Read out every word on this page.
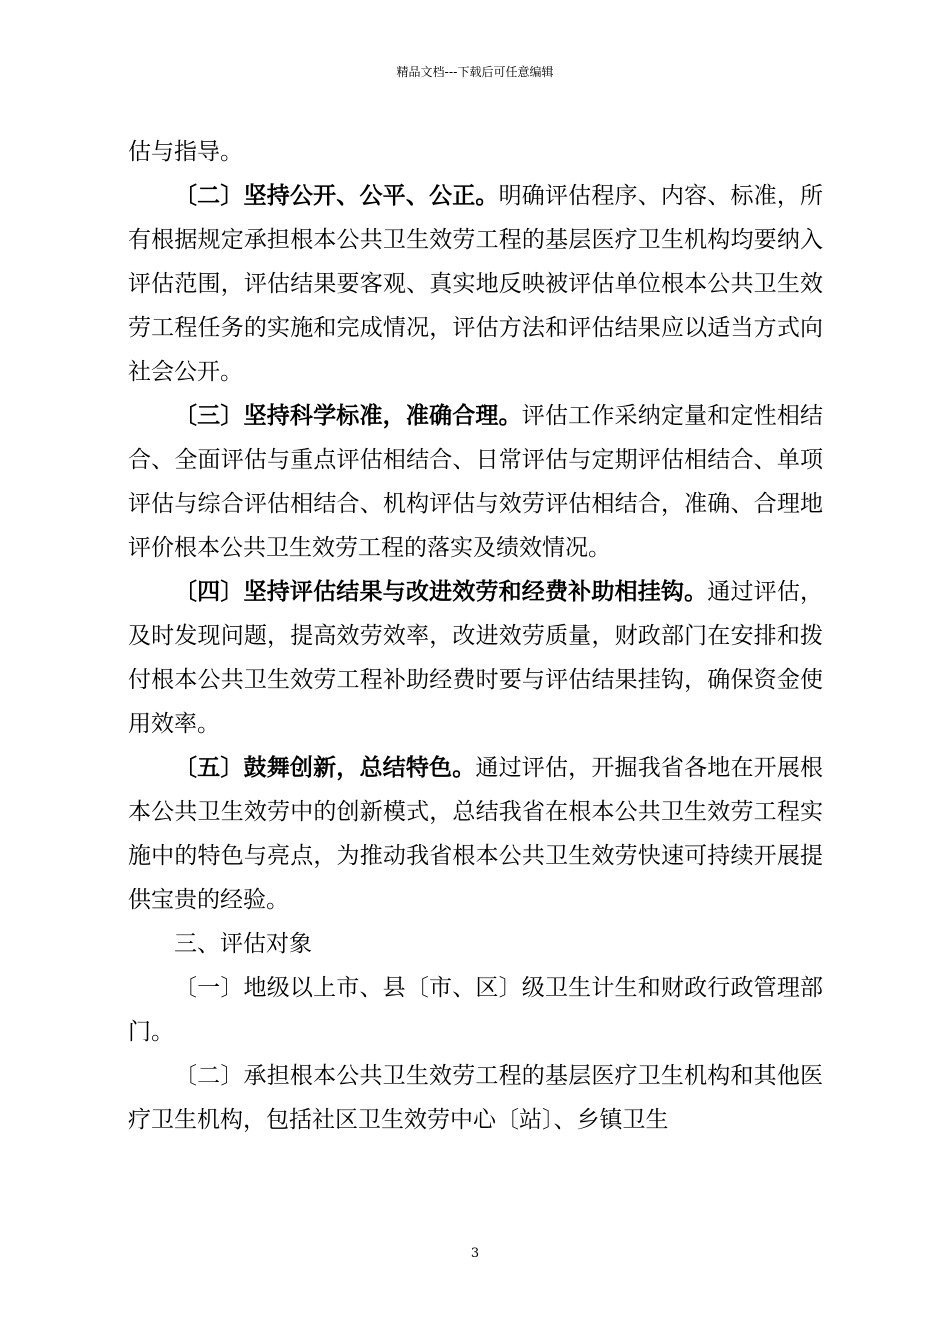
精品文档---下载后可任意编辑

估与指导。

〔二〕坚持公开、公平、公正。明确评估程序、内容、标准，所有根据规定承担根本公共卫生效劳工程的基层医疗卫生机构均要纳入评估范围，评估结果要客观、真实地反映被评估单位根本公共卫生效劳工程任务的实施和完成情况，评估方法和评估结果应以适当方式向社会公开。

〔三〕坚持科学标准，准确合理。评估工作采纳定量和定性相结合、全面评估与重点评估相结合、日常评估与定期评估相结合、单项评估与综合评估相结合、机构评估与效劳评估相结合，准确、合理地评价根本公共卫生效劳工程的落实及绩效情况。

〔四〕坚持评估结果与改进效劳和经费补助相挂钩。通过评估，及时发现问题，提高效劳效率，改进效劳质量，财政部门在安排和拨付根本公共卫生效劳工程补助经费时要与评估结果挂钩，确保资金使用效率。

〔五〕鼓舞创新，总结特色。通过评估，开掘我省各地在开展根本公共卫生效劳中的创新模式，总结我省在根本公共卫生效劳工程实施中的特色与亮点，为推动我省根本公共卫生效劳快速可持续开展提供宝贵的经验。

三、评估对象

〔一〕地级以上市、县〔市、区〕级卫生计生和财政行政管理部门。

〔二〕承担根本公共卫生效劳工程的基层医疗卫生机构和其他医疗卫生机构，包括社区卫生效劳中心〔站〕、乡镇卫生

3
